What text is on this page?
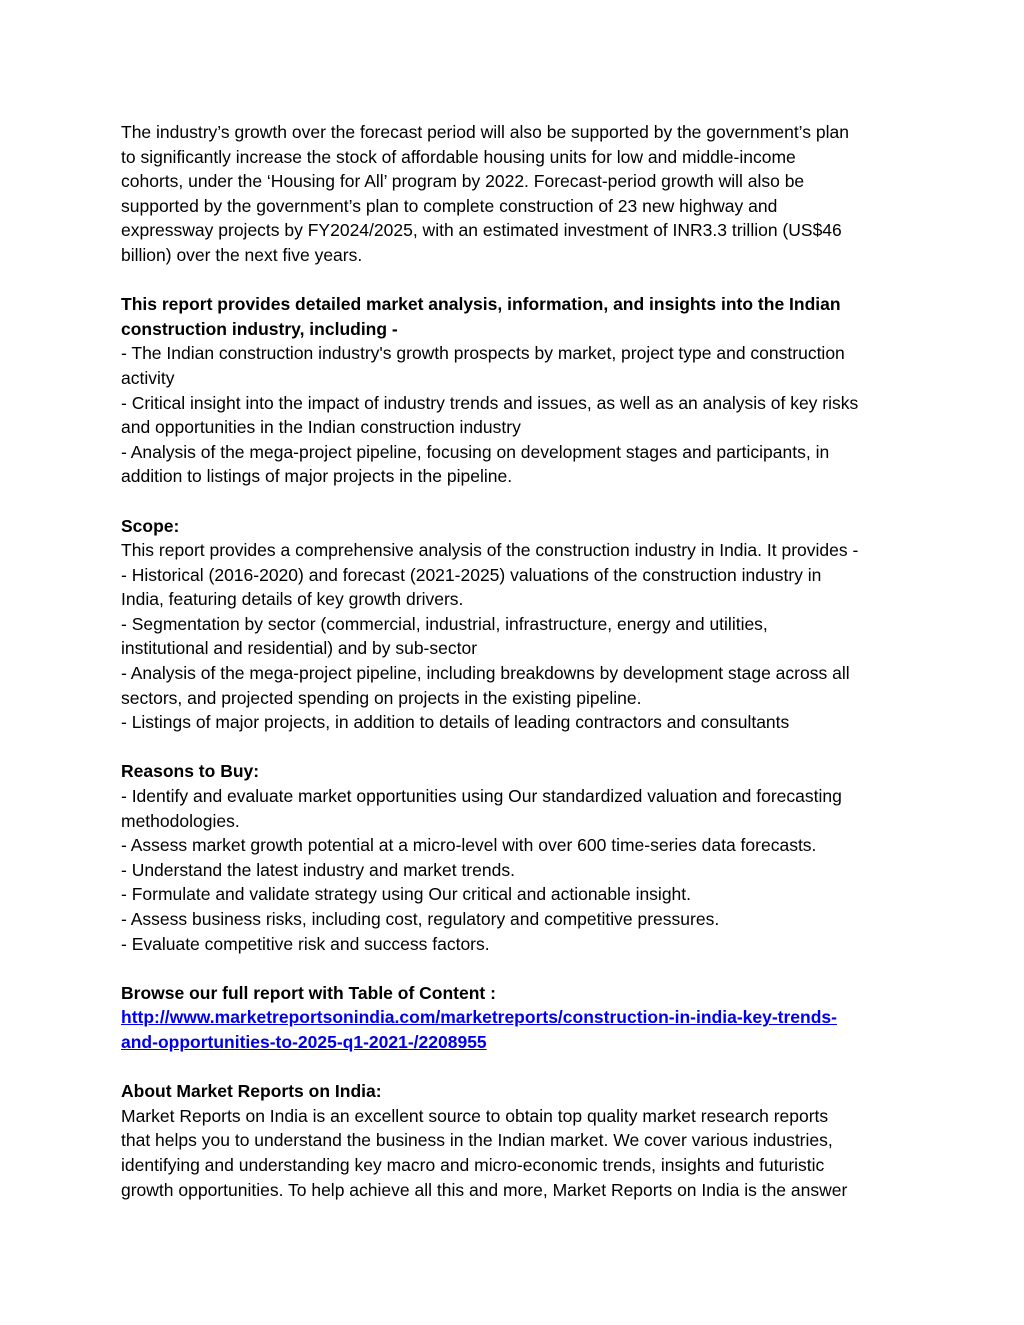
The industry’s growth over the forecast period will also be supported by the government’s plan
to significantly increase the stock of affordable housing units for low and middle-income
cohorts, under the ‘Housing for All’ program by 2022. Forecast-period growth will also be
supported by the government’s plan to complete construction of 23 new highway and
expressway projects by FY2024/2025, with an estimated investment of INR3.3 trillion (US$46
billion) over the next five years.
This report provides detailed market analysis, information, and insights into the Indian
construction industry, including -
- The Indian construction industry's growth prospects by market, project type and construction
activity
- Critical insight into the impact of industry trends and issues, as well as an analysis of key risks
and opportunities in the Indian construction industry
- Analysis of the mega-project pipeline, focusing on development stages and participants, in
addition to listings of major projects in the pipeline.
Scope:
This report provides a comprehensive analysis of the construction industry in India. It provides -
- Historical (2016-2020) and forecast (2021-2025) valuations of the construction industry in
India, featuring details of key growth drivers.
- Segmentation by sector (commercial, industrial, infrastructure, energy and utilities,
institutional and residential) and by sub-sector
- Analysis of the mega-project pipeline, including breakdowns by development stage across all
sectors, and projected spending on projects in the existing pipeline.
- Listings of major projects, in addition to details of leading contractors and consultants
Reasons to Buy:
- Identify and evaluate market opportunities using Our standardized valuation and forecasting
methodologies.
- Assess market growth potential at a micro-level with over 600 time-series data forecasts.
- Understand the latest industry and market trends.
- Formulate and validate strategy using Our critical and actionable insight.
- Assess business risks, including cost, regulatory and competitive pressures.
- Evaluate competitive risk and success factors.
Browse our full report with Table of Content :
http://www.marketreportsonindia.com/marketreports/construction-in-india-key-trends-
and-opportunities-to-2025-q1-2021-/2208955
About Market Reports on India:
Market Reports on India is an excellent source to obtain top quality market research reports
that helps you to understand the business in the Indian market. We cover various industries,
identifying and understanding key macro and micro-economic trends, insights and futuristic
growth opportunities. To help achieve all this and more, Market Reports on India is the answer
